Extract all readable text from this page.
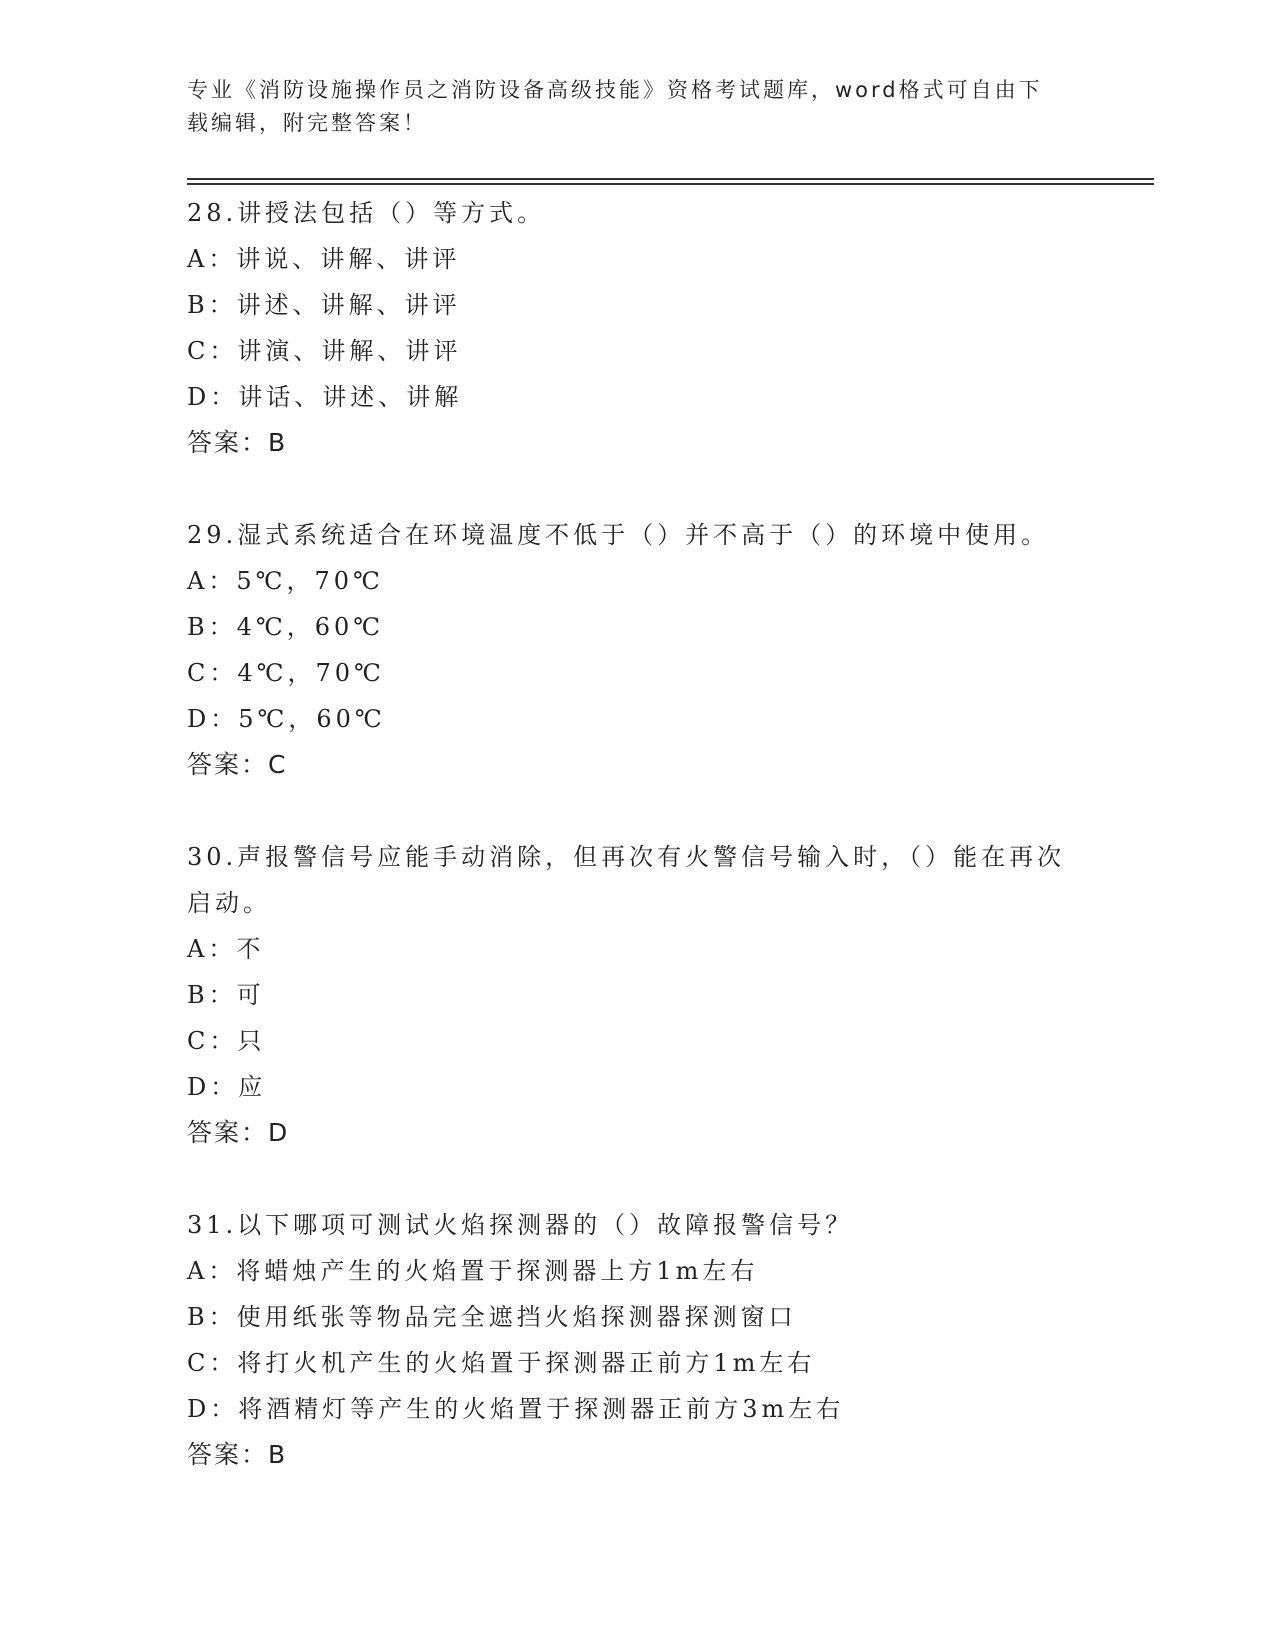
专业《消防设施操作员之消防设备高级技能》资格考试题库，word格式可自由下
载编辑，附完整答案！

28.讲授法包括（）等方式。

A：讲说、讲解、讲评

B：讲述、讲解、讲评

C：讲演、讲解、讲评

D：讲话、讲述、讲解

答案：B

29.湿式系统适合在环境温度不低于（）并不高于（）的环境中使用。

A：5℃，70℃

B：4℃，60℃

C：4℃，70℃

D：5℃，60℃

答案：C

30.声报警信号应能手动消除，但再次有火警信号输入时，（）能在再次启动。

A：不

B：可

C：只

D：应

答案：D

31.以下哪项可测试火焰探测器的（）故障报警信号？

A：将蜡烛产生的火焰置于探测器上方1m左右

B：使用纸张等物品完全遮挡火焰探测器探测窗口

C：将打火机产生的火焰置于探测器正前方1m左右

D：将酒精灯等产生的火焰置于探测器正前方3m左右

答案：B
